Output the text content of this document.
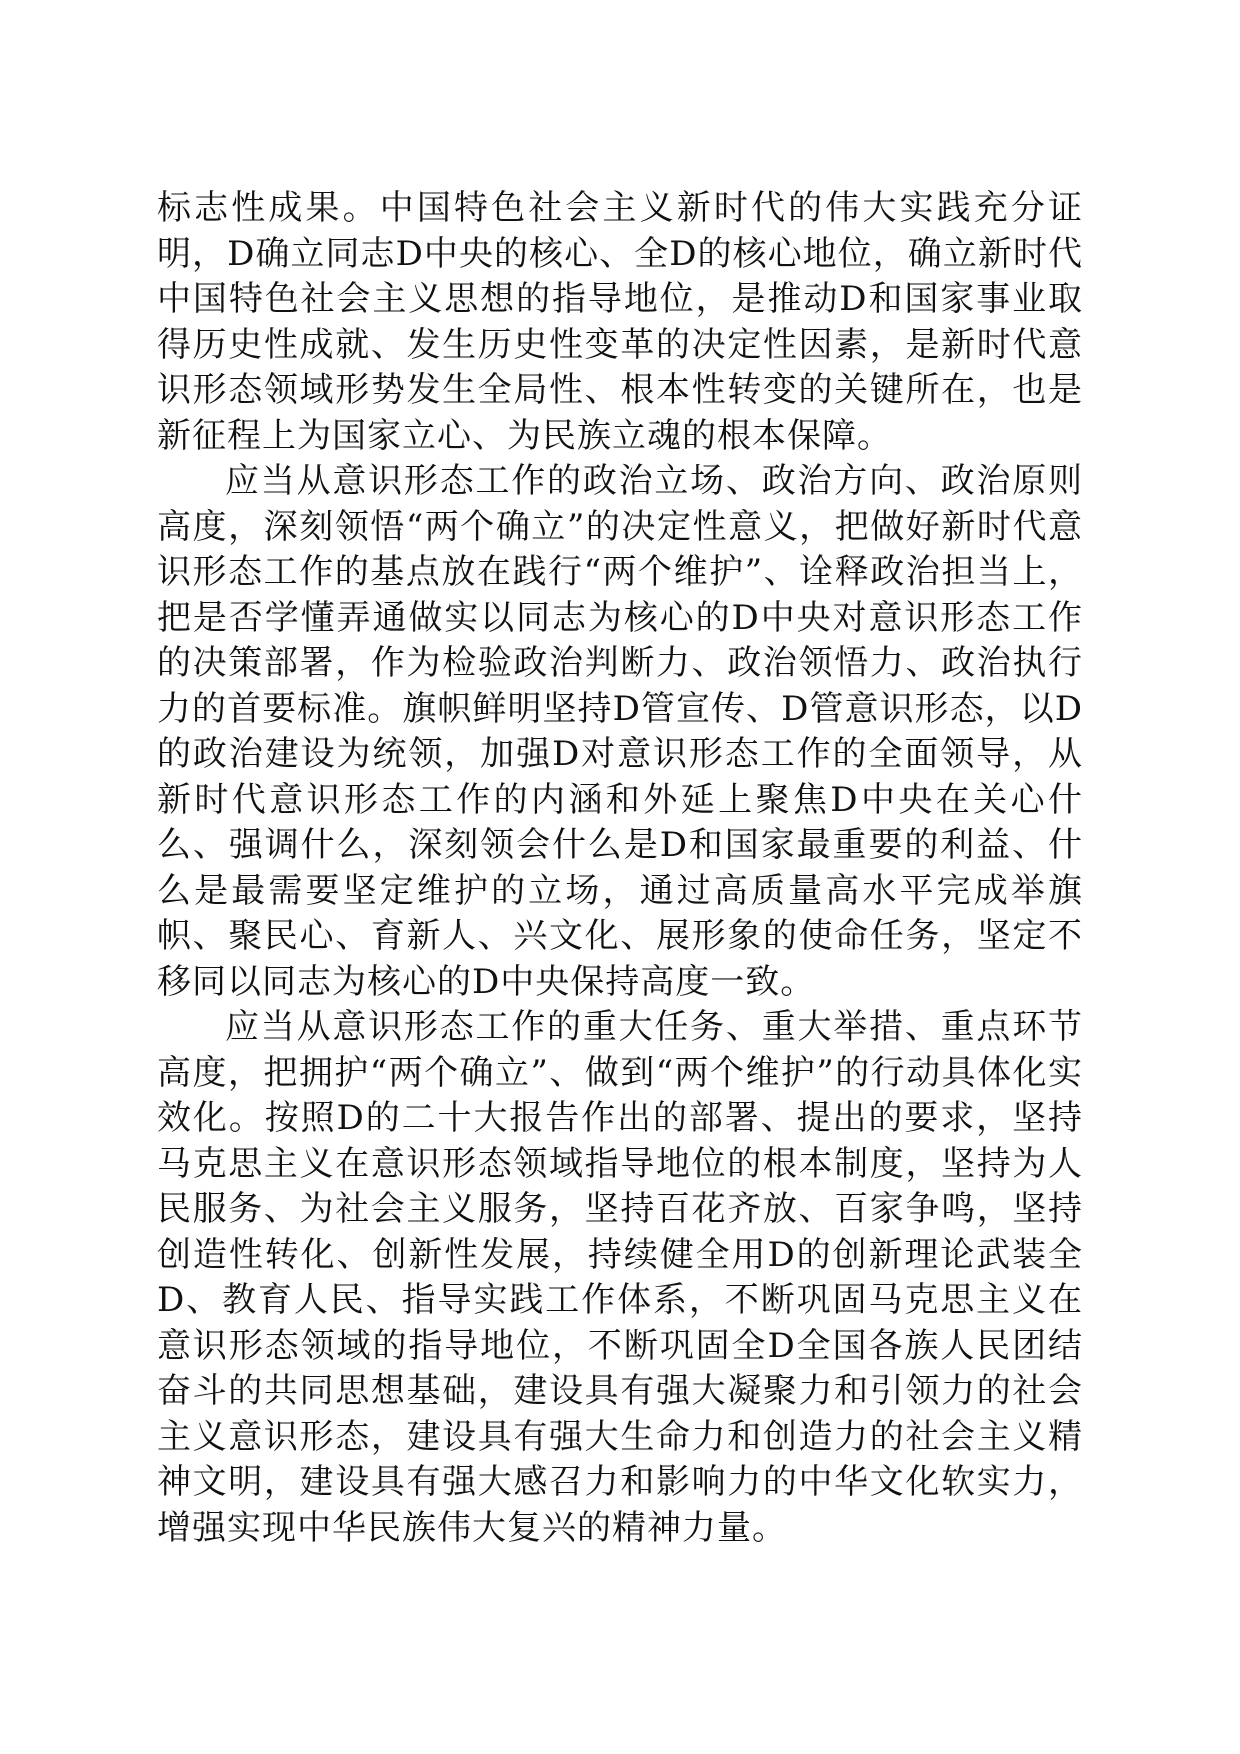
标志性成果。中国特色社会主义新时代的伟大实践充分证明，D确立同志D中央的核心、全D的核心地位，确立新时代中国特色社会主义思想的指导地位，是推动D和国家事业取得历史性成就、发生历史性变革的决定性因素，是新时代意识形态领域形势发生全局性、根本性转变的关键所在，也是新征程上为国家立心、为民族立魂的根本保障。

应当从意识形态工作的政治立场、政治方向、政治原则高度，深刻领悟“两个确立”的决定性意义，把做好新时代意识形态工作的基点放在践行“两个维护”、诠释政治担当上，把是否学懂弄通做实以同志为核心的D中央对意识形态工作的决策部署，作为检验政治判断力、政治领悟力、政治执行力的首要标准。旗帜鲜明坚持D管宣传、D管意识形态，以D的政治建设为统领，加强D对意识形态工作的全面领导，从新时代意识形态工作的内涵和外延上聚焦D中央在关心什么、强调什么，深刻领会什么是D和国家最重要的利益、什么是最需要坚定维护的立场，通过高质量高水平完成举旗帜、聚民心、育新人、兴文化、展形象的使命任务，坚定不移同以同志为核心的D中央保持高度一致。

应当从意识形态工作的重大任务、重大举措、重点环节高度，把拥护“两个确立”、做到“两个维护”的行动具体化实效化。按照D的二十大报告作出的部署、提出的要求，坚持马克思主义在意识形态领域指导地位的根本制度，坚持为人民服务、为社会主义服务，坚持百花齐放、百家争鸣，坚持创造性转化、创新性发展，持续健全用D的创新理论武装全D、教育人民、指导实践工作体系，不断巩固马克思主义在意识形态领域的指导地位，不断巩固全D全国各族人民团结奋斗的共同思想基础，建设具有强大凝聚力和引领力的社会主义意识形态，建设具有强大生命力和创造力的社会主义精神文明，建设具有强大感召力和影响力的中华文化软实力，增强实现中华民族伟大复兴的精神力量。
